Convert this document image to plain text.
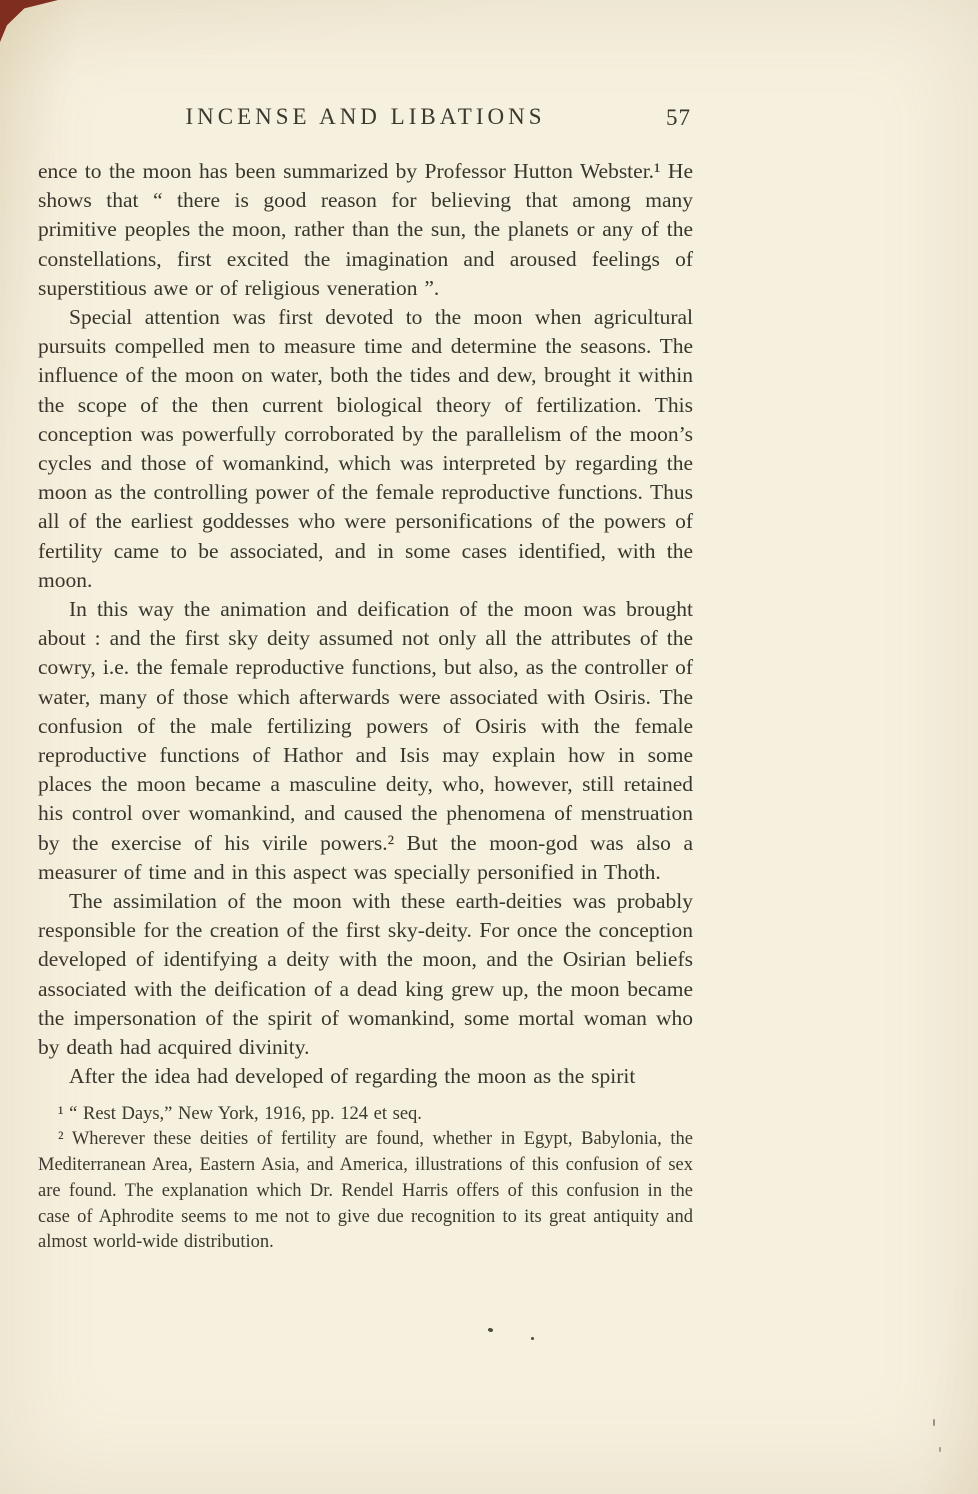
INCENSE AND LIBATIONS	57

ence to the moon has been summarized by Professor Hutton Webster.¹ He shows that “ there is good reason for believing that among many primitive peoples the moon, rather than the sun, the planets or any of the constellations, first excited the imagination and aroused feelings of superstitious awe or of religious veneration ”.

Special attention was first devoted to the moon when agricultural pursuits compelled men to measure time and determine the seasons. The influence of the moon on water, both the tides and dew, brought it within the scope of the then current biological theory of fertilization. This conception was powerfully corroborated by the parallelism of the moon’s cycles and those of womankind, which was interpreted by regarding the moon as the controlling power of the female reproductive functions. Thus all of the earliest goddesses who were personifications of the powers of fertility came to be associated, and in some cases identified, with the moon.

In this way the animation and deification of the moon was brought about : and the first sky deity assumed not only all the attributes of the cowry, i.e. the female reproductive functions, but also, as the controller of water, many of those which afterwards were associated with Osiris. The confusion of the male fertilizing powers of Osiris with the female reproductive functions of Hathor and Isis may explain how in some places the moon became a masculine deity, who, however, still retained his control over womankind, and caused the phenomena of menstruation by the exercise of his virile powers.² But the moon-god was also a measurer of time and in this aspect was specially personified in Thoth.

The assimilation of the moon with these earth-deities was probably responsible for the creation of the first sky-deity. For once the conception developed of identifying a deity with the moon, and the Osirian beliefs associated with the deification of a dead king grew up, the moon became the impersonation of the spirit of womankind, some mortal woman who by death had acquired divinity.

After the idea had developed of regarding the moon as the spirit

¹ “ Rest Days,” New York, 1916, pp. 124 et seq.

² Wherever these deities of fertility are found, whether in Egypt, Babylonia, the Mediterranean Area, Eastern Asia, and America, illustrations of this confusion of sex are found. The explanation which Dr. Rendel Harris offers of this confusion in the case of Aphrodite seems to me not to give due recognition to its great antiquity and almost world-wide distribution.
